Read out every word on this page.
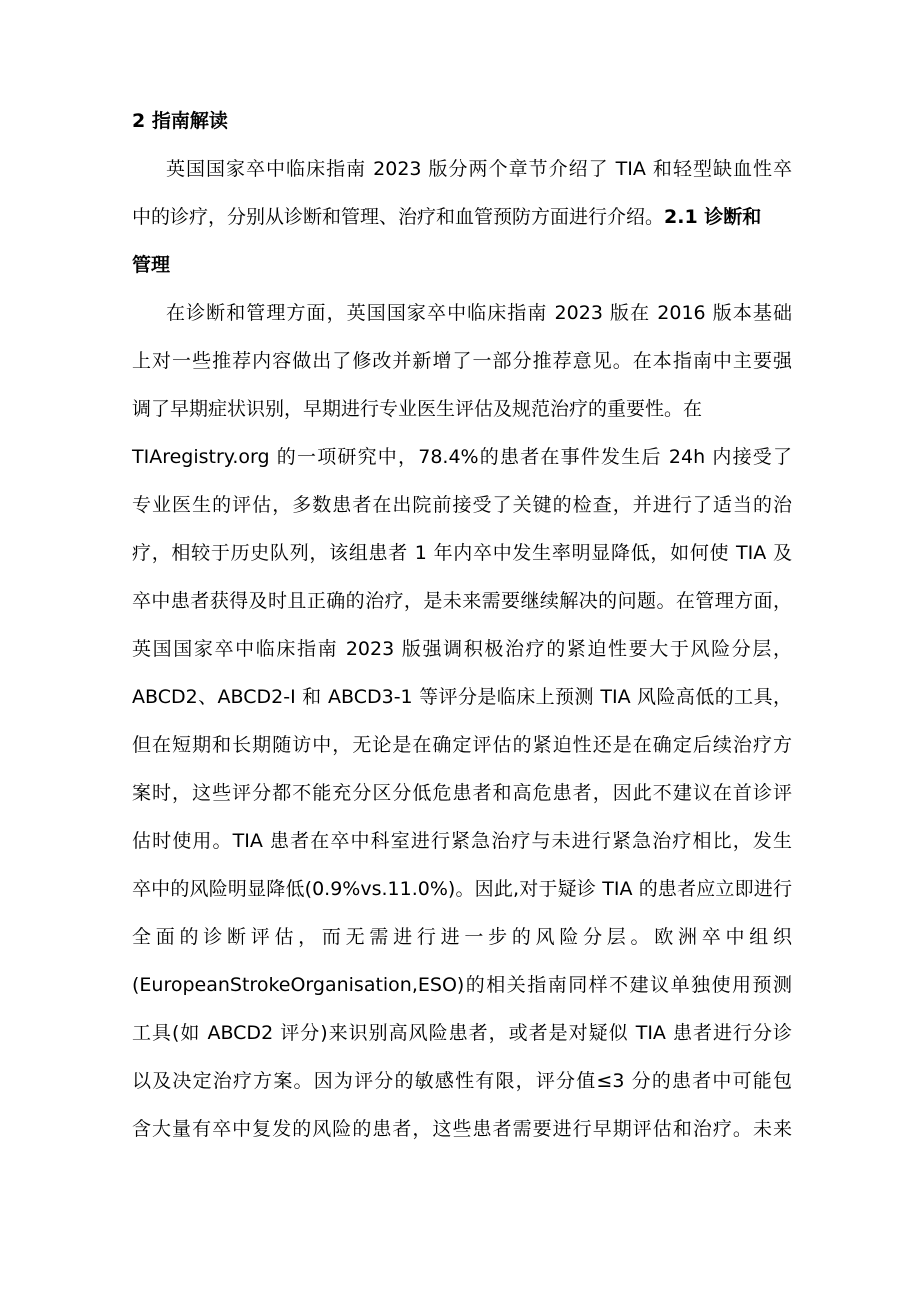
2 指南解读
英国国家卒中临床指南 2023 版分两个章节介绍了 TIA 和轻型缺血性卒
中的诊疗，分别从诊断和管理、治疗和血管预防方面进行介绍。2.1 诊断和
管理
在诊断和管理方面，英国国家卒中临床指南 2023 版在 2016 版本基础
上对一些推荐内容做出了修改并新增了一部分推荐意见。在本指南中主要强
调了早期症状识别，早期进行专业医生评估及规范治疗的重要性。在
TIAregistry.org 的一项研究中，78.4%的患者在事件发生后 24h 内接受了
专业医生的评估，多数患者在出院前接受了关键的检查，并进行了适当的治
疗，相较于历史队列，该组患者 1 年内卒中发生率明显降低，如何使 TIA 及
卒中患者获得及时且正确的治疗，是未来需要继续解决的问题。在管理方面，
英国国家卒中临床指南 2023 版强调积极治疗的紧迫性要大于风险分层，
ABCD2、ABCD2-I 和 ABCD3-1 等评分是临床上预测 TIA 风险高低的工具，
但在短期和长期随访中，无论是在确定评估的紧迫性还是在确定后续治疗方
案时，这些评分都不能充分区分低危患者和高危患者，因此不建议在首诊评
估时使用。TIA 患者在卒中科室进行紧急治疗与未进行紧急治疗相比，发生
卒中的风险明显降低(0.9%vs.11.0%)。因此,对于疑诊 TIA 的患者应立即进行
全面的诊断评估，而无需进行进一步的风险分层。欧洲卒中组织
(EuropeanStrokeOrganisation,ESO)的相关指南同样不建议单独使用预测
工具(如 ABCD2 评分)来识别高风险患者，或者是对疑似 TIA 患者进行分诊
以及决定治疗方案。因为评分的敏感性有限，评分值≤3 分的患者中可能包
含大量有卒中复发的风险的患者，这些患者需要进行早期评估和治疗。未来
